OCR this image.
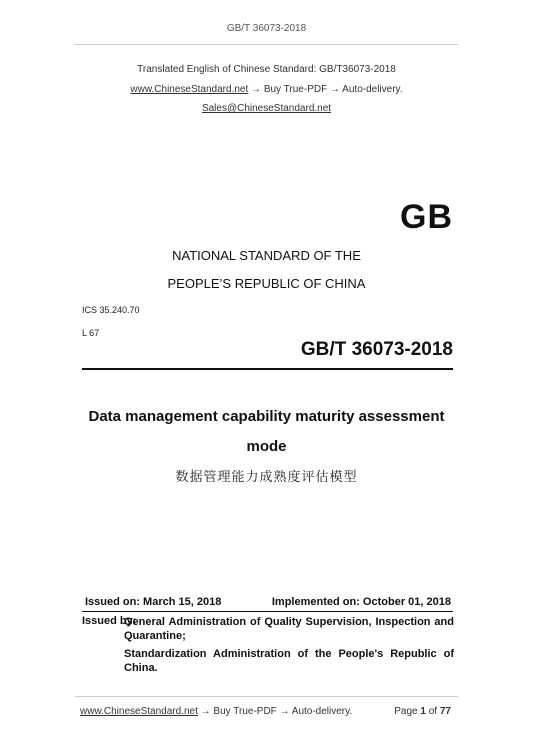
GB/T 36073-2018
Translated English of Chinese Standard: GB/T36073-2018
www.ChineseStandard.net → Buy True-PDF → Auto-delivery.
Sales@ChineseStandard.net
GB
NATIONAL STANDARD OF THE
PEOPLE’S REPUBLIC OF CHINA
ICS 35.240.70
L 67
GB/T 36073-2018
Data management capability maturity assessment
mode
数据管理能力成熟度评估模型
Issued on: March 15, 2018	Implemented on: October 01, 2018
Issued by:
General Administration of Quality Supervision, Inspection and Quarantine;
Standardization Administration of the People's Republic of China.
www.ChineseStandard.net → Buy True-PDF → Auto-delivery.	Page 1 of 77
